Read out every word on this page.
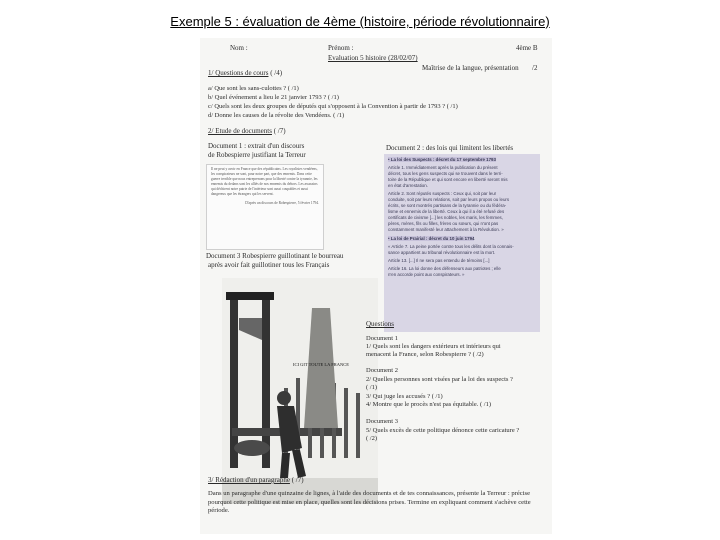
Exemple 5 : évaluation de 4ème (histoire, période révolutionnaire)
Nom :	Prénom :	4ème B
Evaluation 5 histoire (28/02/07)
Maîtrise de la langue, présentation /2
1/ Questions de cours ( /4)
a/ Que sont les sans-culottes ? ( /1)
b/ Quel événement a lieu le 21 janvier 1793 ? ( /1)
c/ Quels sont les deux groupes de députés qui s'opposent à la Convention à partir de 1793 ? ( /1)
d/ Donne les causes de la révolte des Vendéens. ( /1)
2/ Etude de documents ( /7)
Document 1 : extrait d'un discours
de Robespierre justifiant la Terreur

Il ne peut y avoir en France que des républicains. Les royalistes vendéens, les conspirateurs ne sont, pour notre part, que des ennemis. Dans cette guerre terrible que nous entreprenons pour la liberté contre la tyrannie, les ennemis du dedans sont les alliés de nos ennemis du dehors. Les assassins qui déchirent notre patrie de l'intérieur sont aussi coupables et aussi dangereux que les étrangers qui les servent.

D'après un discours de Robespierre, 5 février 1794.

Document 2 : des lois qui limitent les libertés
• La loi des Suspects : décret du 17 septembre 1793
Article 1. Immédiatement après la publication du présent
décret, tous les gens suspects qui se trouvent dans le terri-
toire de la République et qui sont encore en liberté seront mis
en état d'arrestation.
Article 2. Sont réputés suspects : Ceux qui, soit par leur
conduite, soit par leurs relations, soit par leurs propos ou leurs
écrits, se sont montrés partisans de la tyrannie ou du fédéra-
lisme et ennemis de la liberté. Ceux à qui il a été refusé des
certificats de civisme [...] les nobles, les maris, les femmes,
pères, mères, fils ou filles, frères ou sœurs, qui n'ont pas
constamment manifesté leur attachement à la Révolution. »
• La loi de Prairial : décret du 10 juin 1794
« Article 7. La peine portée contre tous les délits dont la connais-
sance appartient au tribunal révolutionnaire est la mort.
Article 13. [...] Il ne sera pas entendu de témoins [...]
Article 16. La loi donne des défenseurs aux patriotes ; elle
n'en accorde point aux conspirateurs. »
Document 3 Robespierre guillotinant le bourreau
après avoir fait guillotiner tous les Français
ICI GIT TOUTE LA FRANCE
Questions
Document 1
1/ Quels sont les dangers extérieurs et intérieurs qui
menacent la France, selon Robespierre ? ( /2)
Document 2
2/ Quelles personnes sont visées par la loi des suspects ?
( /1)
3/ Qui juge les accusés ? ( /1)
4/ Montre que le procès n'est pas équitable. ( /1)
Document 3
5/ Quels excès de cette politique dénonce cette caricature ?
( /2)
3/ Rédaction d'un paragraphe ( /7)
Dans un paragraphe d'une quinzaine de lignes, à l'aide des documents et de tes connaissances, présente la Terreur : précise pourquoi cette politique est mise en place, quelles sont les décisions prises. Termine en expliquant comment s'achève cette période.
